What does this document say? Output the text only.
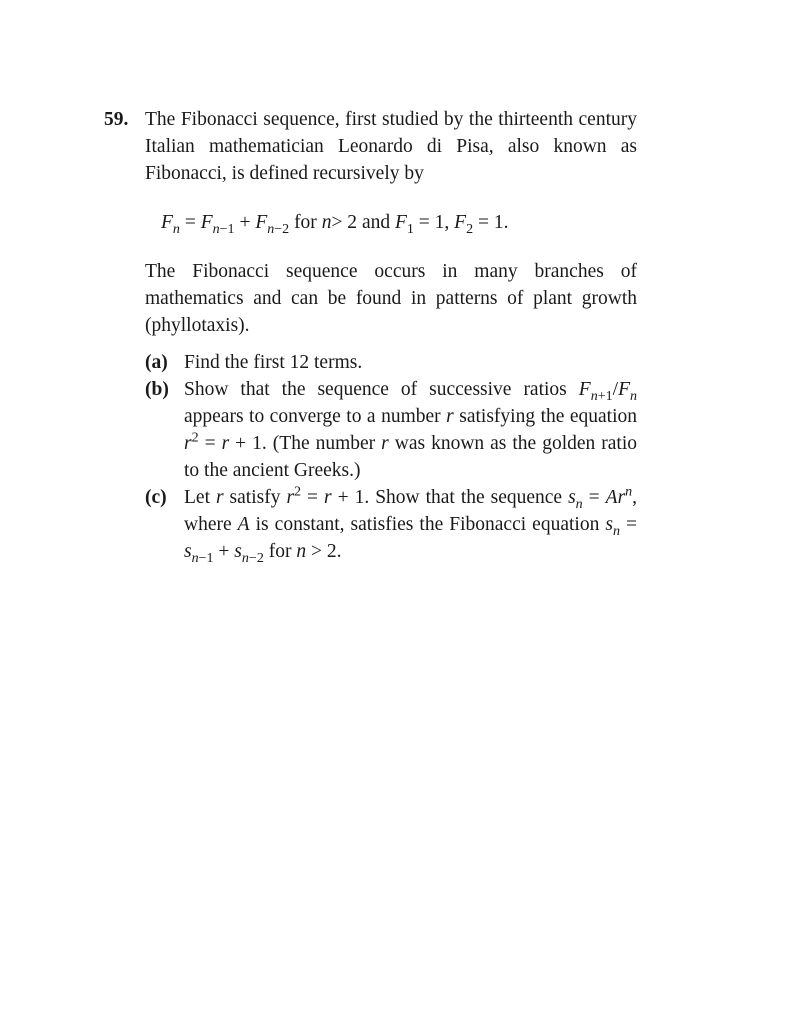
59. The Fibonacci sequence, first studied by the thirteenth century Italian mathematician Leonardo di Pisa, also known as Fibonacci, is defined recursively by
$F_n = F_{n-1} + F_{n-2}$ for n> 2 and $F_1 = 1$, $F_2 = 1$.
The Fibonacci sequence occurs in many branches of mathematics and can be found in patterns of plant growth (phyllotaxis).
(a) Find the first 12 terms.
(b) Show that the sequence of successive ratios $F_{n+1}/F_n$ appears to converge to a number r satisfying the equation $r^2 = r + 1$. (The number r was known as the golden ratio to the ancient Greeks.)
(c) Let r satisfy $r^2 = r + 1$. Show that the sequence $s_n = Ar^n$, where A is constant, satisfies the Fibonacci equation $s_n = s_{n-1} + s_{n-2}$ for n > 2.
